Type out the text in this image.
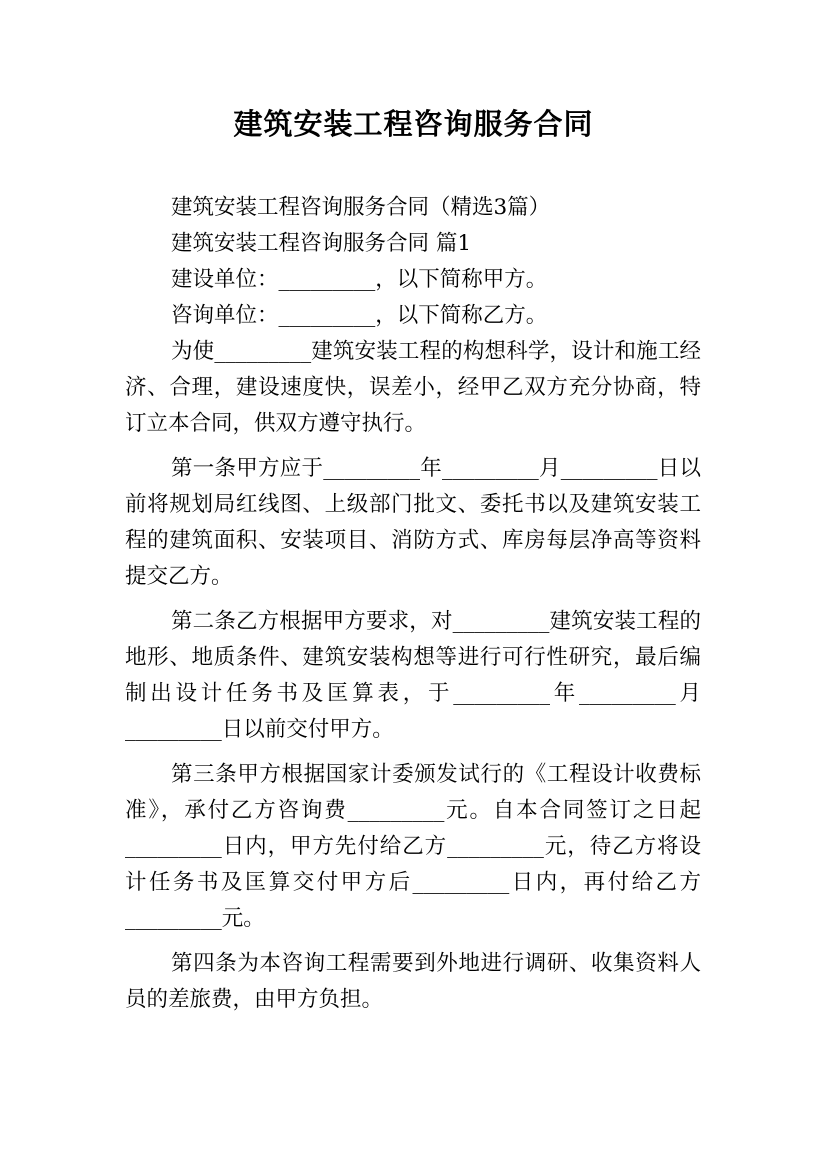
建筑安装工程咨询服务合同

建筑安装工程咨询服务合同（精选3篇）

建筑安装工程咨询服务合同 篇1

建设单位：_________，以下简称甲方。

咨询单位：_________，以下简称乙方。

为使_________建筑安装工程的构想科学，设计和施工经济、合理，建设速度快，误差小，经甲乙双方充分协商，特订立本合同，供双方遵守执行。

第一条甲方应于_________年_________月_________日以前将规划局红线图、上级部门批文、委托书以及建筑安装工程的建筑面积、安装项目、消防方式、库房每层净高等资料提交乙方。

第二条乙方根据甲方要求，对_________建筑安装工程的地形、地质条件、建筑安装构想等进行可行性研究，最后编制出设计任务书及匡算表，于_________年_________月_________日以前交付甲方。

第三条甲方根据国家计委颁发试行的《工程设计收费标准》，承付乙方咨询费_________元。自本合同签订之日起_________日内，甲方先付给乙方_________元，待乙方将设计任务书及匡算交付甲方后_________日内，再付给乙方_________元。

第四条为本咨询工程需要到外地进行调研、收集资料人员的差旅费，由甲方负担。
